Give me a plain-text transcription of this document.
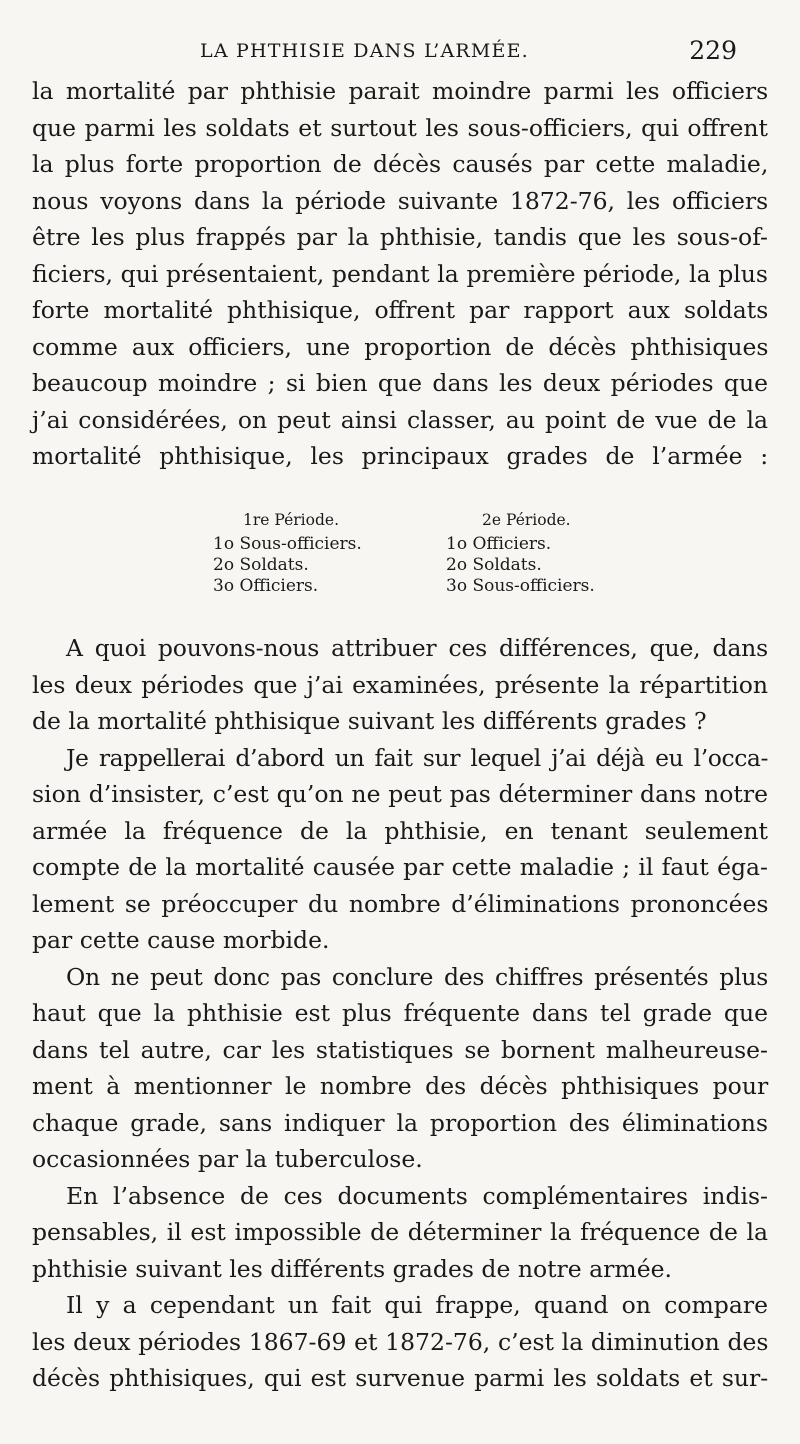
LA PHTHISIE DANS L’ARMÉE.	229
la mortalité par phthisie parait moindre parmi les officiers
que parmi les soldats et surtout les sous-officiers, qui offrent
la plus forte proportion de décès causés par cette maladie,
nous voyons dans la période suivante 1872-76, les officiers
être les plus frappés par la phthisie, tandis que les sous-of-
ficiers, qui présentaient, pendant la première période, la plus
forte mortalité phthisique, offrent par rapport aux soldats
comme aux officiers, une proportion de décès phthisiques
beaucoup moindre ; si bien que dans les deux périodes que
j’ai considérées, on peut ainsi classer, au point de vue de la
mortalité phthisique, les principaux grades de l’armée :
1re Période.
1o Sous-officiers.
2o Soldats.
3o Officiers.
2e Période.
1o Officiers.
2o Soldats.
3o Sous-officiers.
A quoi pouvons-nous attribuer ces différences, que, dans
les deux périodes que j’ai examinées, présente la répartition
de la mortalité phthisique suivant les différents grades ?
Je rappellerai d’abord un fait sur lequel j’ai déjà eu l’occa-
sion d’insister, c’est qu’on ne peut pas déterminer dans notre
armée la fréquence de la phthisie, en tenant seulement
compte de la mortalité causée par cette maladie ; il faut éga-
lement se préoccuper du nombre d’éliminations prononcées
par cette cause morbide.
On ne peut donc pas conclure des chiffres présentés plus
haut que la phthisie est plus fréquente dans tel grade que
dans tel autre, car les statistiques se bornent malheureuse-
ment à mentionner le nombre des décès phthisiques pour
chaque grade, sans indiquer la proportion des éliminations
occasionnées par la tuberculose.
En l’absence de ces documents complémentaires indis-
pensables, il est impossible de déterminer la fréquence de la
phthisie suivant les différents grades de notre armée.
Il y a cependant un fait qui frappe, quand on compare
les deux périodes 1867-69 et 1872-76, c’est la diminution des
décès phthisiques, qui est survenue parmi les soldats et sur-
